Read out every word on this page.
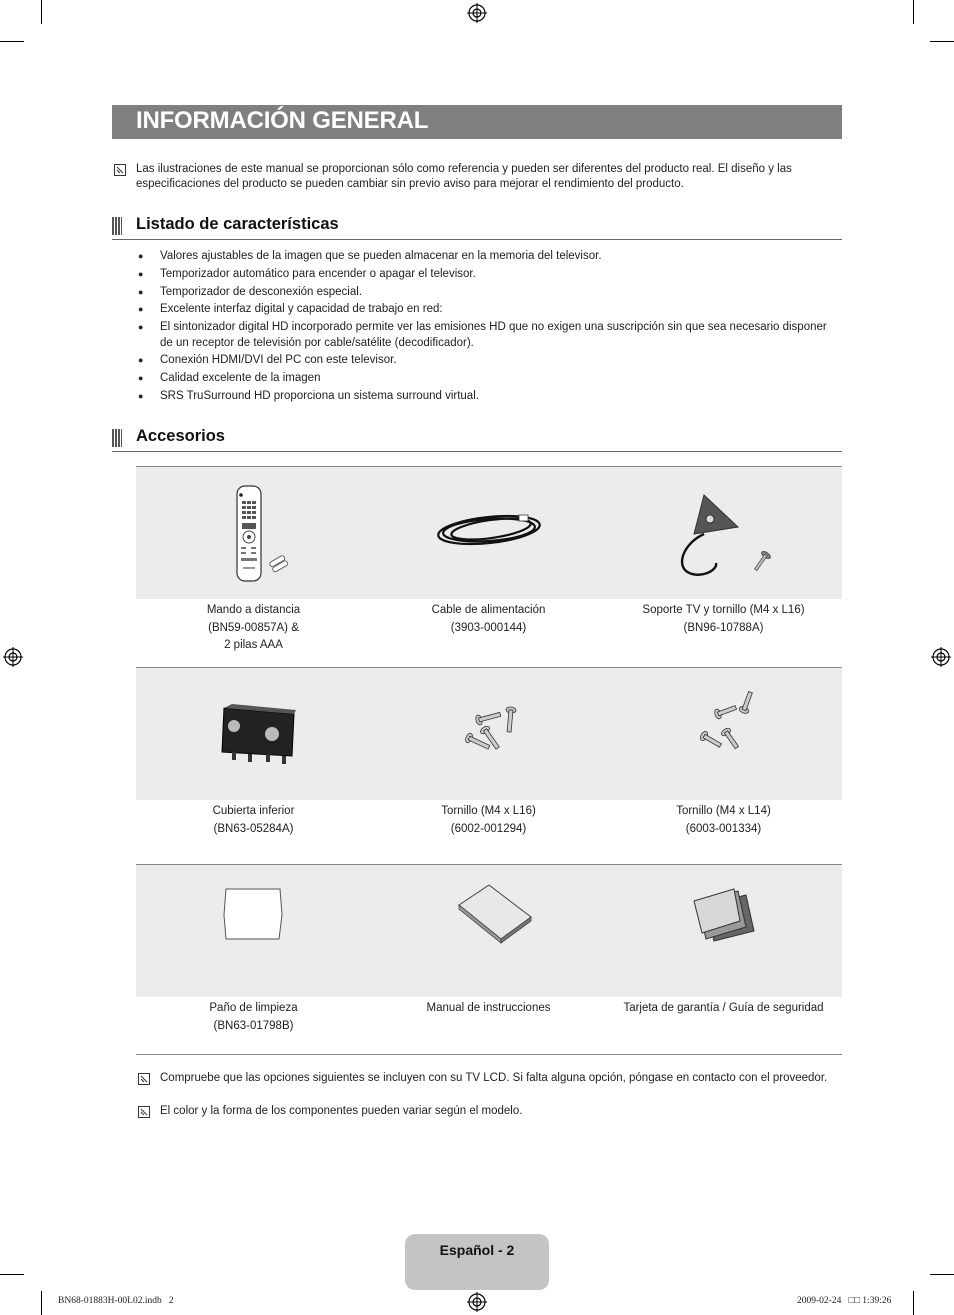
INFORMACIÓN GENERAL
Las ilustraciones de este manual se proporcionan sólo como referencia y pueden ser diferentes del producto real. El diseño y las especificaciones del producto se pueden cambiar sin previo aviso para mejorar el rendimiento del producto.
Listado de características
● Valores ajustables de la imagen que se pueden almacenar en la memoria del televisor.
● Temporizador automático para encender o apagar el televisor.
● Temporizador de desconexión especial.
● Excelente interfaz digital y capacidad de trabajo en red:
● El sintonizador digital HD incorporado permite ver las emisiones HD que no exigen una suscripción sin que sea necesario disponer de un receptor de televisión por cable/satélite (decodificador).
● Conexión HDMI/DVI del PC con este televisor.
● Calidad excelente de la imagen
● SRS TruSurround HD proporciona un sistema surround virtual.
Accesorios
Mando a distancia
(BN59-00857A) &
2 pilas AAA
Cable de alimentación
(3903-000144)
Soporte TV y tornillo (M4 x L16)
(BN96-10788A)
Cubierta inferior
(BN63-05284A)
Tornillo (M4 x L16)
(6002-001294)
Tornillo (M4 x L14)
(6003-001334)
Paño de limpieza
(BN63-01798B)
Manual de instrucciones	Tarjeta de garantía / Guía de seguridad
Compruebe que las opciones siguientes se incluyen con su TV LCD. Si falta alguna opción, póngase en contacto con el proveedor.
El color y la forma de los componentes pueden variar según el modelo.
Español - 2
BN68-01883H-00L02.indb   2	2009-02-24   □□ 1:39:26
